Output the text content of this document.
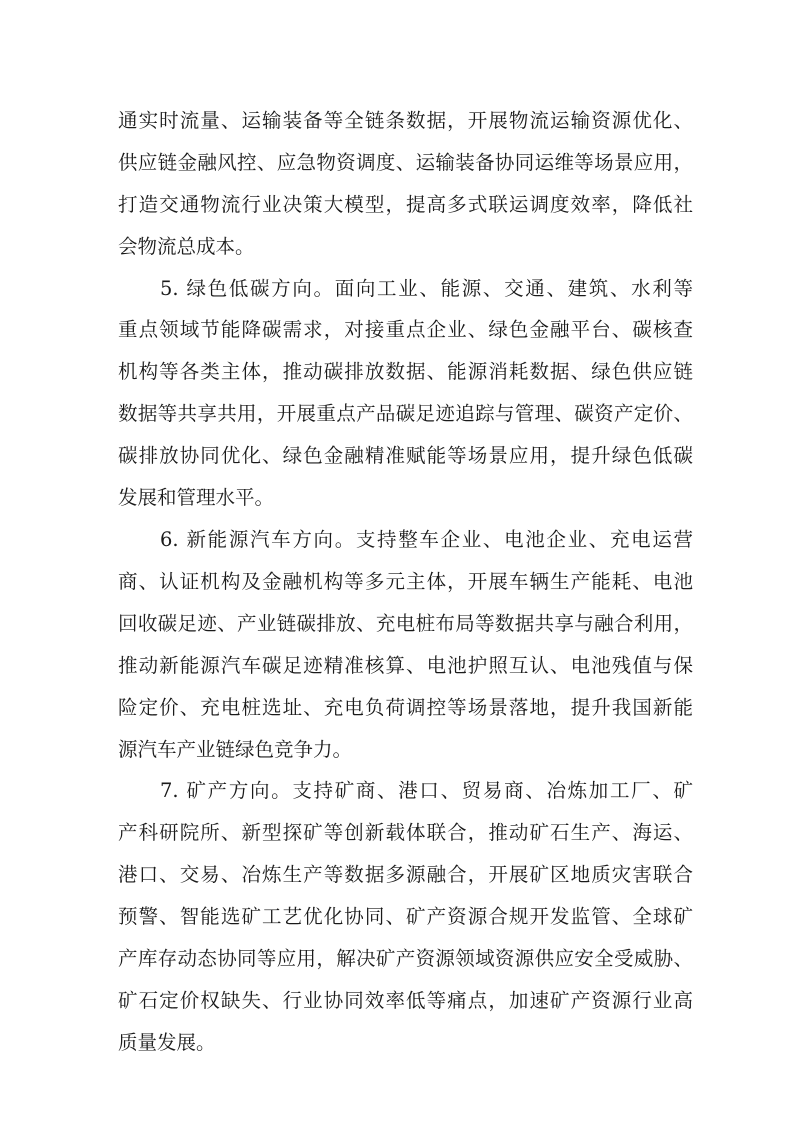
通实时流量、运输装备等全链条数据，开展物流运输资源优化、
供应链金融风控、应急物资调度、运输装备协同运维等场景应用，
打造交通物流行业决策大模型，提高多式联运调度效率，降低社
会物流总成本。
5. 绿色低碳方向。面向工业、能源、交通、建筑、水利等
重点领域节能降碳需求，对接重点企业、绿色金融平台、碳核查
机构等各类主体，推动碳排放数据、能源消耗数据、绿色供应链
数据等共享共用，开展重点产品碳足迹追踪与管理、碳资产定价、
碳排放协同优化、绿色金融精准赋能等场景应用，提升绿色低碳
发展和管理水平。
6. 新能源汽车方向。支持整车企业、电池企业、充电运营
商、认证机构及金融机构等多元主体，开展车辆生产能耗、电池
回收碳足迹、产业链碳排放、充电桩布局等数据共享与融合利用，
推动新能源汽车碳足迹精准核算、电池护照互认、电池残值与保
险定价、充电桩选址、充电负荷调控等场景落地，提升我国新能
源汽车产业链绿色竞争力。
7. 矿产方向。支持矿商、港口、贸易商、冶炼加工厂、矿
产科研院所、新型探矿等创新载体联合，推动矿石生产、海运、
港口、交易、冶炼生产等数据多源融合，开展矿区地质灾害联合
预警、智能选矿工艺优化协同、矿产资源合规开发监管、全球矿
产库存动态协同等应用，解决矿产资源领域资源供应安全受威胁、
矿石定价权缺失、行业协同效率低等痛点，加速矿产资源行业高
质量发展。
